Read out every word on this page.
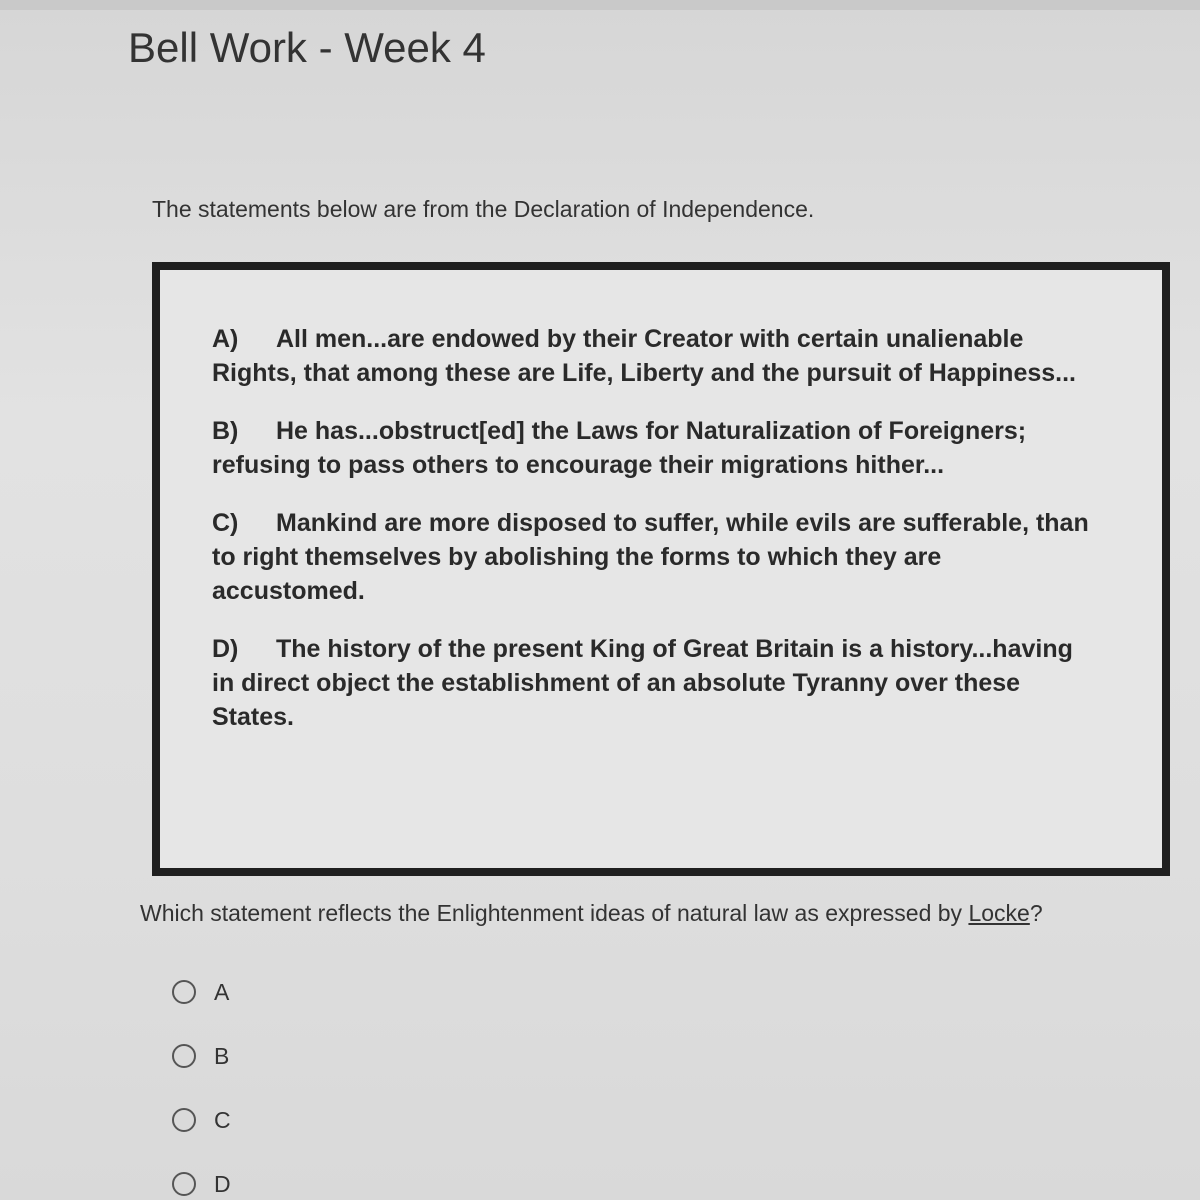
Bell Work - Week 4
The statements below are from the Declaration of Independence.
A) All men...are endowed by their Creator with certain unalienable Rights, that among these are Life, Liberty and the pursuit of Happiness...
B) He has...obstruct[ed] the Laws for Naturalization of Foreigners; refusing to pass others to encourage their migrations hither...
C) Mankind are more disposed to suffer, while evils are sufferable, than to right themselves by abolishing the forms to which they are accustomed.
D) The history of the present King of Great Britain is a history...having in direct object the establishment of an absolute Tyranny over these States.
Which statement reflects the Enlightenment ideas of natural law as expressed by Locke?
A
B
C
D
